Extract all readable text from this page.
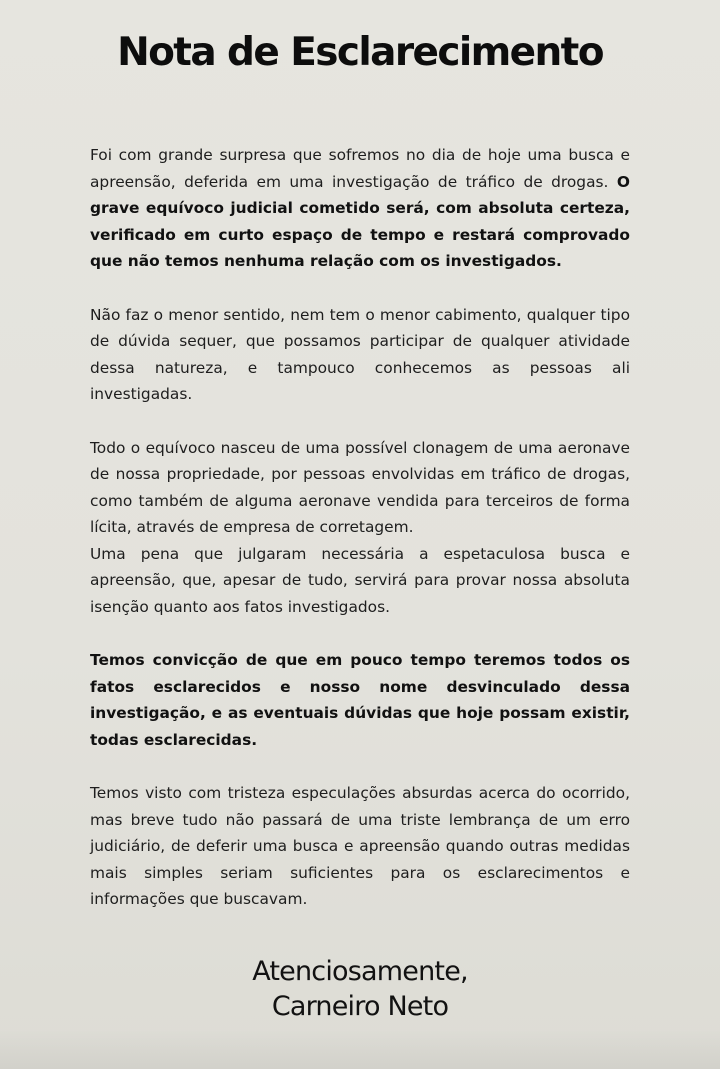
Nota de Esclarecimento

Foi com grande surpresa que sofremos no dia de hoje uma busca e apreensão, deferida em uma investigação de tráfico de drogas. O grave equívoco judicial cometido será, com absoluta certeza, verificado em curto espaço de tempo e restará comprovado que não temos nenhuma relação com os investigados.

Não faz o menor sentido, nem tem o menor cabimento, qualquer tipo de dúvida sequer, que possamos participar de qualquer atividade dessa natureza, e tampouco conhecemos as pessoas ali investigadas.

Todo o equívoco nasceu de uma possível clonagem de uma aeronave de nossa propriedade, por pessoas envolvidas em tráfico de drogas, como também de alguma aeronave vendida para terceiros de forma lícita, através de empresa de corretagem.

Uma pena que julgaram necessária a espetaculosa busca e apreensão, que, apesar de tudo, servirá para provar nossa absoluta isenção quanto aos fatos investigados.

Temos convicção de que em pouco tempo teremos todos os fatos esclarecidos e nosso nome desvinculado dessa investigação, e as eventuais dúvidas que hoje possam existir, todas esclarecidas.

Temos visto com tristeza especulações absurdas acerca do ocorrido, mas breve tudo não passará de uma triste lembrança de um erro judiciário, de deferir uma busca e apreensão quando outras medidas mais simples seriam suficientes para os esclarecimentos e informações que buscavam.

Atenciosamente,
Carneiro Neto
